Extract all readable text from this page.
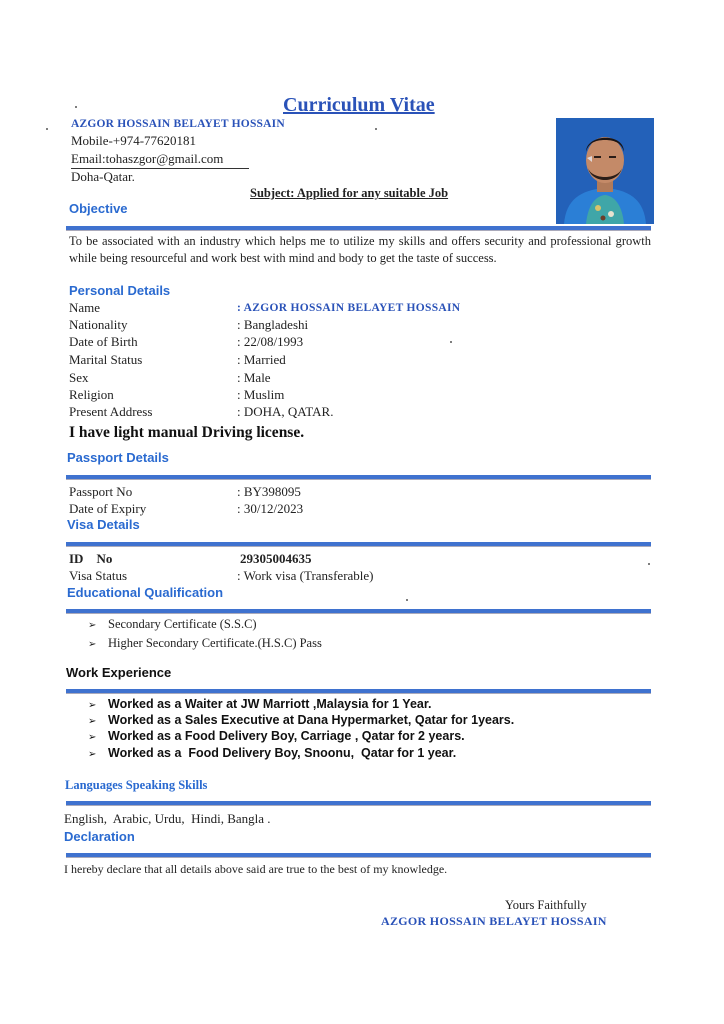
Curriculum Vitae
AZGOR HOSSAIN BELAYET HOSSAIN
Mobile-+974-77620181
Email:tohaszgor@gmail.com
Doha-Qatar.
Subject: Applied for any suitable Job
Objective
To be associated with an industry which helps me to utilize my skills and offers security and professional growth while being resourceful and work best with mind and body to get the taste of success.
Personal Details
Name	: AZGOR HOSSAIN BELAYET HOSSAIN
Nationality	: Bangladeshi
Date of Birth	: 22/08/1993
Marital Status	: Married
Sex	: Male
Religion	: Muslim
Present Address	: DOHA, QATAR.
I have light manual Driving license.
Passport Details
Passport No	: BY398095
Date of Expiry	: 30/12/2023
Visa Details
ID    No	29305004635
Visa Status	: Work visa (Transferable)
Educational Qualification
➢ Secondary Certificate (S.S.C)
➢ Higher Secondary Certificate.(H.S.C) Pass
Work Experience
➢ Worked as a Waiter at JW Marriott ,Malaysia for 1 Year.
➢ Worked as a Sales Executive at Dana Hypermarket, Qatar for 1years.
➢ Worked as a Food Delivery Boy, Carriage , Qatar for 2 years.
➢ Worked as a  Food Delivery Boy, Snoonu,  Qatar for 1 year.
Languages Speaking Skills
English,  Arabic, Urdu,  Hindi, Bangla .
Declaration
I hereby declare that all details above said are true to the best of my knowledge.
Yours Faithfully
AZGOR HOSSAIN BELAYET HOSSAIN
